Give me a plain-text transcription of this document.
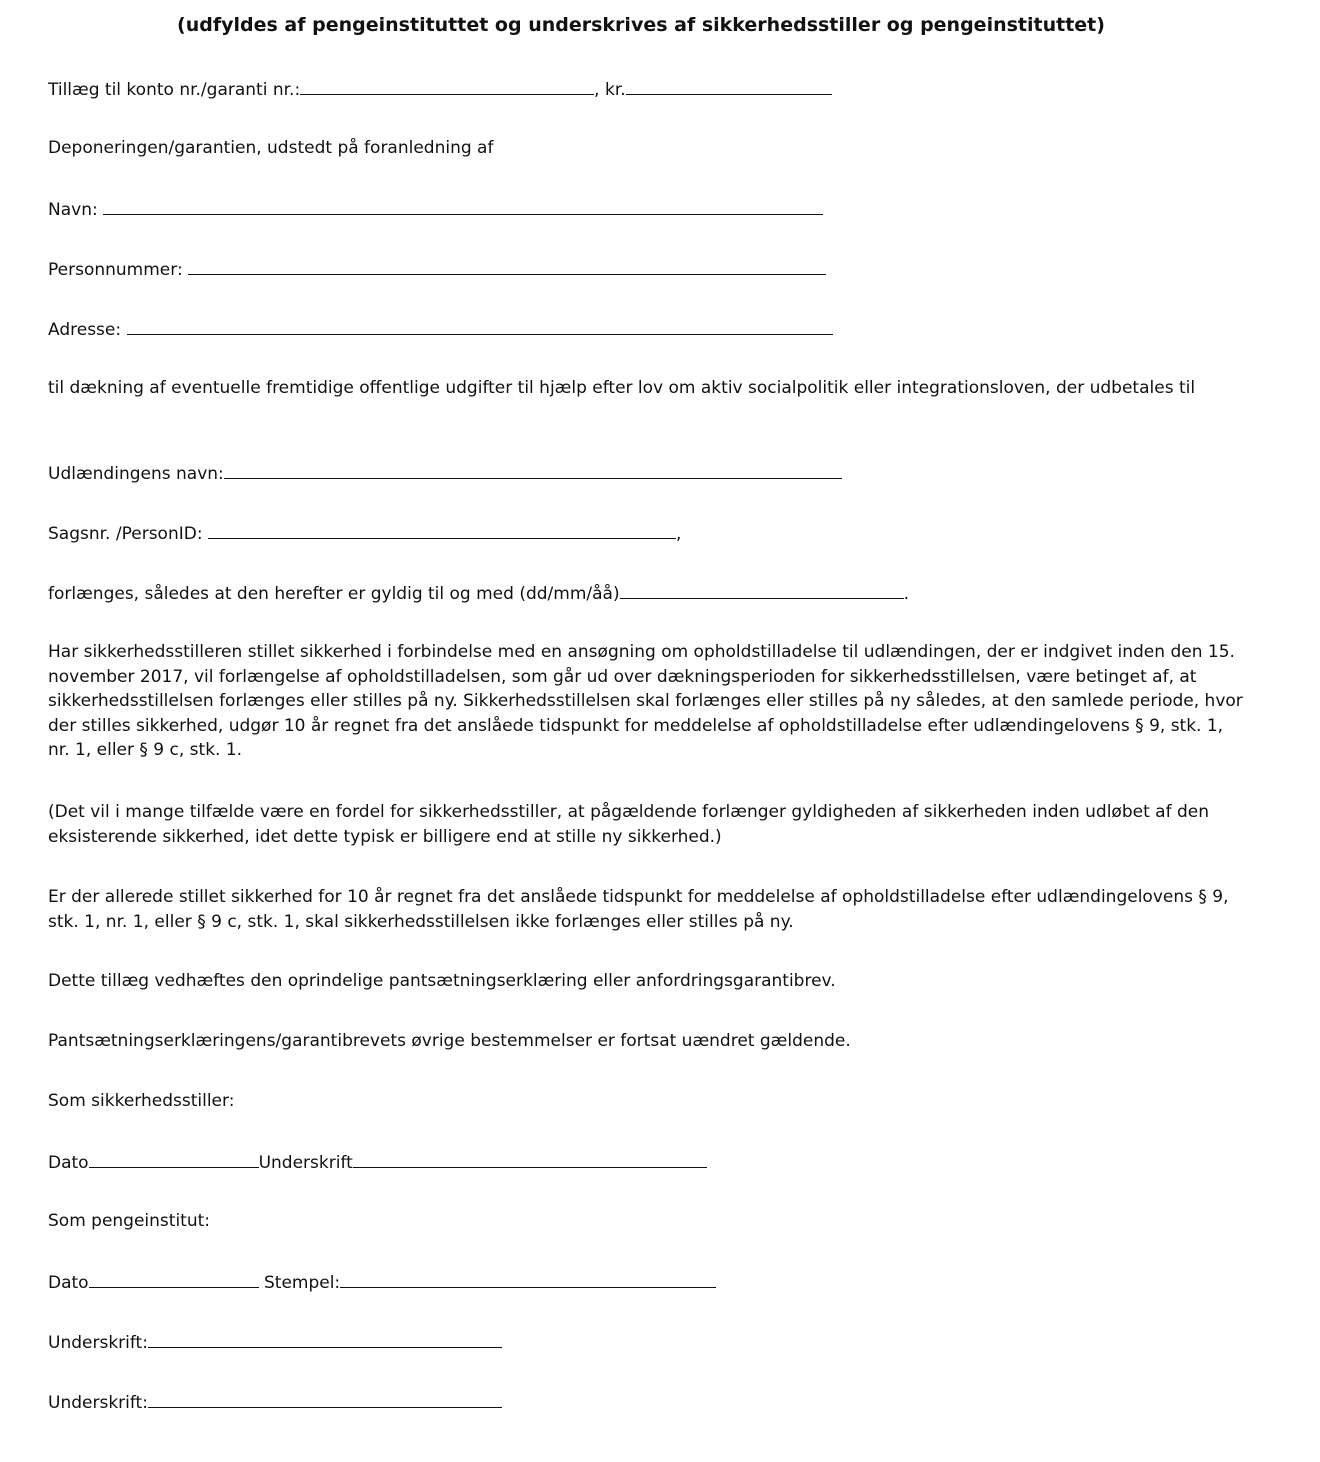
(udfyldes af pengeinstituttet og underskrives af sikkerhedsstiller og pengeinstituttet)
Tillæg til konto nr./garanti nr.:	, kr.
Deponeringen/garantien, udstedt på foranledning af
Navn:
Personnummer:
Adresse:
til dækning af eventuelle fremtidige offentlige udgifter til hjælp efter lov om aktiv socialpolitik eller integrationsloven, der udbetales til
Udlændingens navn:
Sagsnr. /PersonID:	,
forlænges, således at den herefter er gyldig til og med (dd/mm/åå)	.
Har sikkerhedsstilleren stillet sikkerhed i forbindelse med en ansøgning om opholdstilladelse til udlændingen, der er indgivet inden den 15. november 2017, vil forlængelse af opholdstilladelsen, som går ud over dækningsperioden for sikkerhedsstillelsen, være betinget af, at sikkerhedsstillelsen forlænges eller stilles på ny. Sikkerhedsstillelsen skal forlænges eller stilles på ny således, at den samlede periode, hvor der stilles sikkerhed, udgør 10 år regnet fra det anslåede tidspunkt for meddelelse af opholdstilladelse efter udlændingelovens § 9, stk. 1, nr. 1, eller § 9 c, stk. 1.
(Det vil i mange tilfælde være en fordel for sikkerhedsstiller, at pågældende forlænger gyldigheden af sikkerheden inden udløbet af den eksisterende sikkerhed, idet dette typisk er billigere end at stille ny sikkerhed.)
Er der allerede stillet sikkerhed for 10 år regnet fra det anslåede tidspunkt for meddelelse af opholdstilladelse efter udlændingelovens § 9, stk. 1, nr. 1, eller § 9 c, stk. 1, skal sikkerhedsstillelsen ikke forlænges eller stilles på ny.
Dette tillæg vedhæftes den oprindelige pantsætningserklæring eller anfordringsgarantibrev.
Pantsætningserklæringens/garantibrevets øvrige bestemmelser er fortsat uændret gældende.
Som sikkerhedsstiller:
Dato	Underskrift
Som pengeinstitut:
Dato	Stempel:
Underskrift:
Underskrift:
